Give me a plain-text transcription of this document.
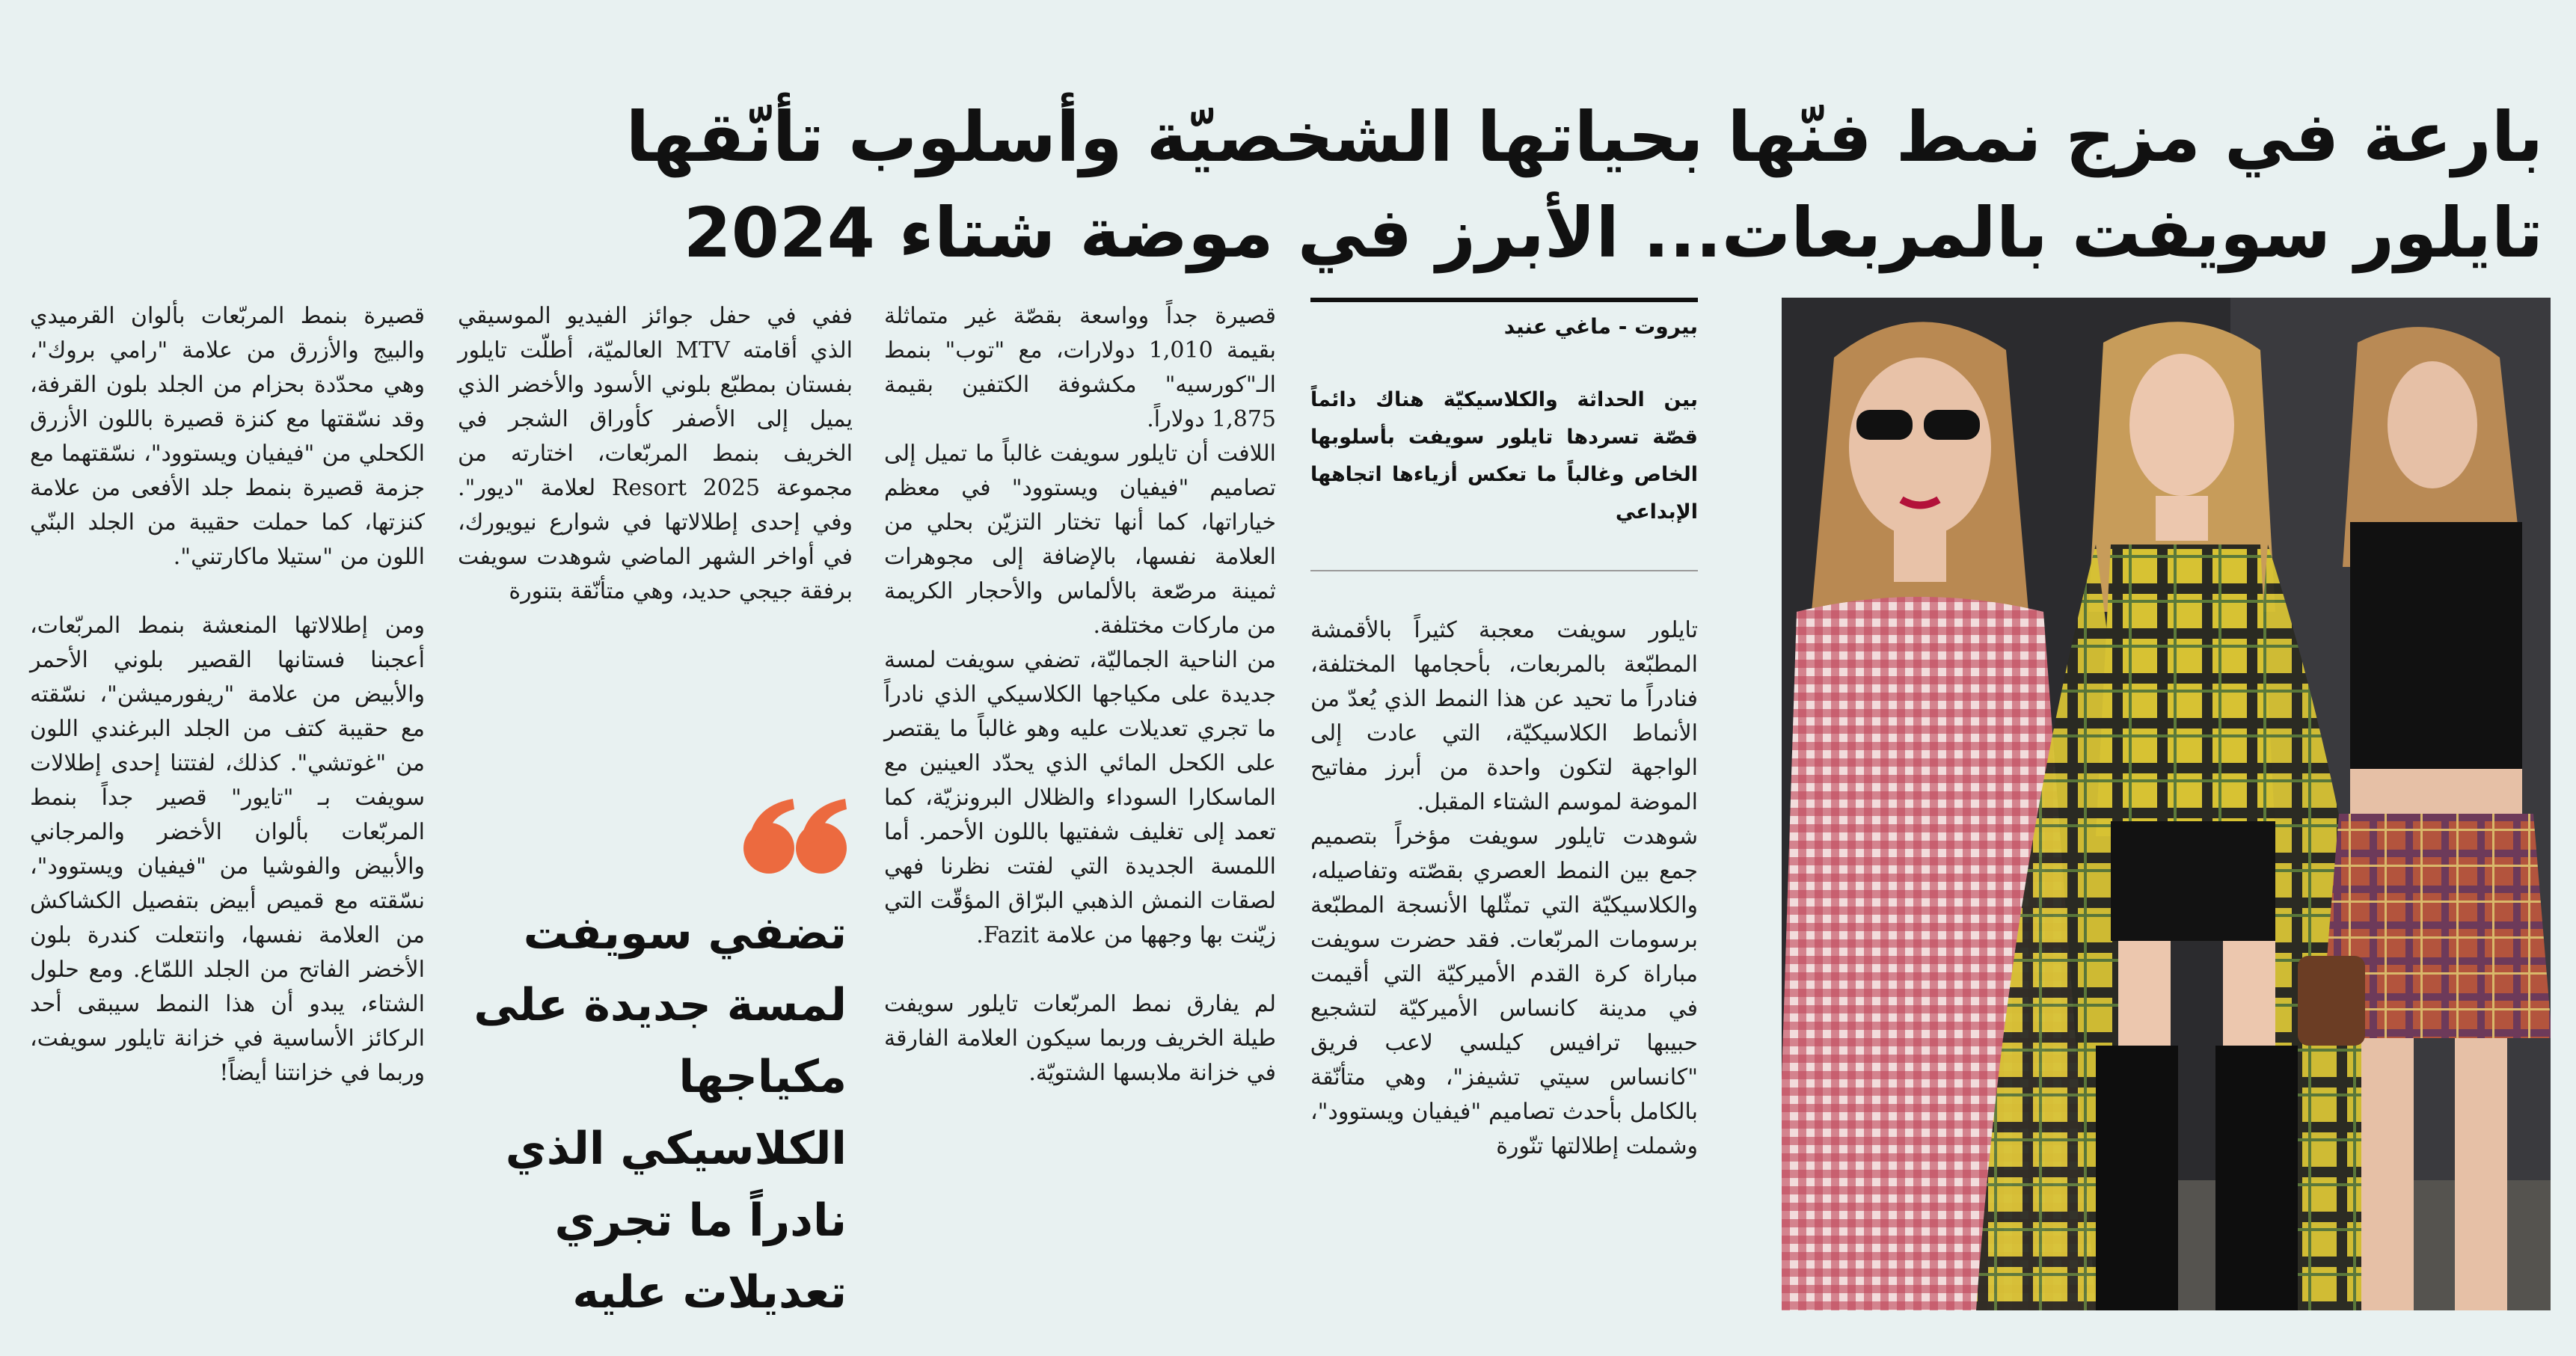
بارعة في مزج نمط فنّها بحياتها الشخصيّة وأسلوب تأنّقها
تايلور سويفت بالمربعات... الأبرز في موضة شتاء 2024
بيروت - ماغي عنيد
بين الحداثة والكلاسيكيّة هناك دائماً قصّة تسردها تايلور سويفت بأسلوبها الخاص وغالباً ما تعكس أزياءها اتجاهها الإبداعي

تايلور سويفت معجبة كثيراً بالأقمشة المطبّعة بالمربعات، بأحجامها المختلفة، فنادراً ما تحيد عن هذا النمط الذي يُعدّ من الأنماط الكلاسيكيّة، التي عادت إلى الواجهة لتكون واحدة من أبرز مفاتيح الموضة لموسم الشتاء المقبل.

شوهدت تايلور سويفت مؤخراً بتصميم جمع بين النمط العصري بقصّته وتفاصيله، والكلاسيكيّة التي تمثّلها الأنسجة المطبّعة برسومات المربّعات. فقد حضرت سويفت مباراة كرة القدم الأميركيّة التي أقيمت في مدينة كانساس الأميركيّة لتشجيع حبيبها ترافيس كيلسي لاعب فريق "كانساس سيتي تشيفز"، وهي متأنّقة بالكامل بأحدث تصاميم "فيفيان ويستوود"، وشملت إطلالتها تنّورة

قصيرة جداً وواسعة بقصّة غير متماثلة بقيمة 1,010 دولارات، مع "توب" بنمط الـ"كورسيه" مكشوفة الكتفين بقيمة 1,875 دولاراً.

اللافت أن تايلور سويفت غالباً ما تميل إلى تصاميم "فيفيان ويستوود" في معظم خياراتها، كما أنها تختار التزيّن بحلي من العلامة نفسها، بالإضافة إلى مجوهرات ثمينة مرصّعة بالألماس والأحجار الكريمة من ماركات مختلفة.

من الناحية الجماليّة، تضفي سويفت لمسة جديدة على مكياجها الكلاسيكي الذي نادراً ما تجري تعديلات عليه وهو غالباً ما يقتصر على الكحل المائي الذي يحدّد العينين مع الماسكارا السوداء والظلال البرونزيّة، كما تعمد إلى تغليف شفتيها باللون الأحمر. أما اللمسة الجديدة التي لفتت نظرنا فهي لصقات النمش الذهبي البرّاق المؤقّت التي زيّنت بها وجهها من علامة Fazit.

لم يفارق نمط المربّعات تايلور سويفت طيلة الخريف وربما سيكون العلامة الفارقة في خزانة ملابسها الشتويّة.

ففي في حفل جوائز الفيديو الموسيقي الذي أقامته MTV العالميّة، أطلّت تايلور بفستان بمطبّع بلوني الأسود والأخضر الذي يميل إلى الأصفر كأوراق الشجر في الخريف بنمط المربّعات، اختارته من مجموعة Resort 2025 لعلامة "ديور". وفي إحدى إطلالاتها في شوارع نيويورك، في أواخر الشهر الماضي شوهدت سويفت برفقة جيجي حديد، وهي متأنّقة بتنورة

تضفي سويفت لمسة جديدة على مكياجها الكلاسيكي الذي نادراً ما تجري تعديلات عليه

قصيرة بنمط المربّعات بألوان القرميدي والبيج والأزرق من علامة "رامي بروك"، وهي محدّدة بحزام من الجلد بلون القرفة، وقد نسّقتها مع كنزة قصيرة باللون الأزرق الكحلي من "فيفيان ويستوود"، نسّقتهما مع جزمة قصيرة بنمط جلد الأفعى من علامة كنزتها، كما حملت حقيبة من الجلد البنّي اللون من "ستيلا ماكارتني".

ومن إطلالاتها المنعشة بنمط المربّعات، أعجبنا فستانها القصير بلوني الأحمر والأبيض من علامة "ريفورميشن"، نسّقته مع حقيبة كتف من الجلد البرغندي اللون من "غوتشي". كذلك، لفتتنا إحدى إطلالات سويفت بـ "تايور" قصير جداً بنمط المربّعات بألوان الأخضر والمرجاني والأبيض والفوشيا من "فيفيان ويستوود"، نسّقته مع قميص أبيض بتفصيل الكشاكش من العلامة نفسها، وانتعلت كندرة بلون الأخضر الفاتح من الجلد اللمّاع. ومع حلول الشتاء، يبدو أن هذا النمط سيبقى أحد الركائز الأساسية في خزانة تايلور سويفت، وربما في خزانتنا أيضاً!
